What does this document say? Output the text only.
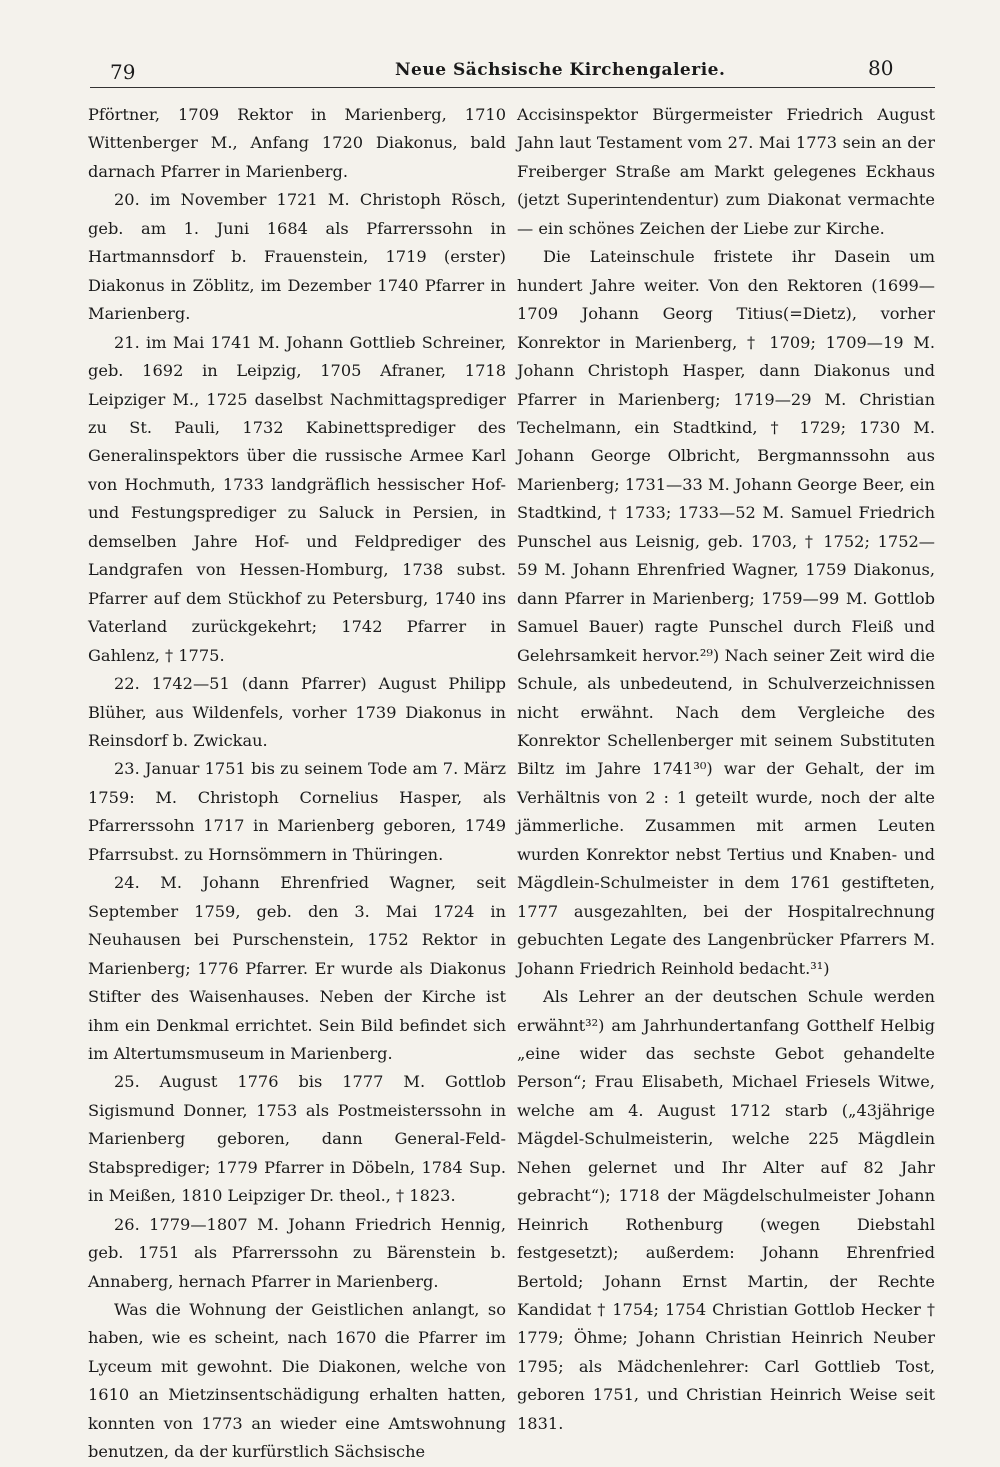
79	Neue Sächsische Kirchengalerie.	80

Pförtner, 1709 Rektor in Marienberg, 1710 Wittenberger M., Anfang 1720 Diakonus, bald darnach Pfarrer in Marienberg.

20. im November 1721 M. Christoph Rösch, geb. am 1. Juni 1684 als Pfarrerssohn in Hartmannsdorf b. Frauenstein, 1719 (erster) Diakonus in Zöblitz, im Dezember 1740 Pfarrer in Marienberg.

21. im Mai 1741 M. Johann Gottlieb Schreiner, geb. 1692 in Leipzig, 1705 Afraner, 1718 Leipziger M., 1725 daselbst Nachmittagsprediger zu St. Pauli, 1732 Kabinettsprediger des Generalinspektors über die russische Armee Karl von Hochmuth, 1733 landgräflich hessischer Hof- und Festungsprediger zu Saluck in Persien, in demselben Jahre Hof- und Feldprediger des Landgrafen von Hessen-Homburg, 1738 subst. Pfarrer auf dem Stückhof zu Petersburg, 1740 ins Vaterland zurückgekehrt; 1742 Pfarrer in Gahlenz, † 1775.

22. 1742—51 (dann Pfarrer) August Philipp Blüher, aus Wildenfels, vorher 1739 Diakonus in Reinsdorf b. Zwickau.

23. Januar 1751 bis zu seinem Tode am 7. März 1759: M. Christoph Cornelius Hasper, als Pfarrerssohn 1717 in Marienberg geboren, 1749 Pfarrsubst. zu Hornsömmern in Thüringen.

24. M. Johann Ehrenfried Wagner, seit September 1759, geb. den 3. Mai 1724 in Neuhausen bei Purschenstein, 1752 Rektor in Marienberg; 1776 Pfarrer. Er wurde als Diakonus Stifter des Waisenhauses. Neben der Kirche ist ihm ein Denkmal errichtet. Sein Bild befindet sich im Altertumsmuseum in Marienberg.

25. August 1776 bis 1777 M. Gottlob Sigismund Donner, 1753 als Postmeisterssohn in Marienberg geboren, dann General-Feld-Stabsprediger; 1779 Pfarrer in Döbeln, 1784 Sup. in Meißen, 1810 Leipziger Dr. theol., † 1823.

26. 1779—1807 M. Johann Friedrich Hennig, geb. 1751 als Pfarrerssohn zu Bärenstein b. Annaberg, hernach Pfarrer in Marienberg.

Was die Wohnung der Geistlichen anlangt, so haben, wie es scheint, nach 1670 die Pfarrer im Lyceum mit gewohnt. Die Diakonen, welche von 1610 an Mietzinsentschädigung erhalten hatten, konnten von 1773 an wieder eine Amtswohnung benutzen, da der kurfürstlich Sächsische

Accisinspektor Bürgermeister Friedrich August Jahn laut Testament vom 27. Mai 1773 sein an der Freiberger Straße am Markt gelegenes Eckhaus (jetzt Superintendentur) zum Diakonat vermachte — ein schönes Zeichen der Liebe zur Kirche.

Die Lateinschule fristete ihr Dasein um hundert Jahre weiter. Von den Rektoren (1699—1709 Johann Georg Titius(=Dietz), vorher Konrektor in Marienberg, † 1709; 1709—19 M. Johann Christoph Hasper, dann Diakonus und Pfarrer in Marienberg; 1719—29 M. Christian Techelmann, ein Stadtkind, † 1729; 1730 M. Johann George Olbricht, Bergmannssohn aus Marienberg; 1731—33 M. Johann George Beer, ein Stadtkind, † 1733; 1733—52 M. Samuel Friedrich Punschel aus Leisnig, geb. 1703, † 1752; 1752—59 M. Johann Ehrenfried Wagner, 1759 Diakonus, dann Pfarrer in Marienberg; 1759—99 M. Gottlob Samuel Bauer) ragte Punschel durch Fleiß und Gelehrsamkeit hervor.²⁹) Nach seiner Zeit wird die Schule, als unbedeutend, in Schulverzeichnissen nicht erwähnt. Nach dem Vergleiche des Konrektor Schellenberger mit seinem Substituten Biltz im Jahre 1741³⁰) war der Gehalt, der im Verhältnis von 2 : 1 geteilt wurde, noch der alte jämmerliche. Zusammen mit armen Leuten wurden Konrektor nebst Tertius und Knaben- und Mägdlein-Schulmeister in dem 1761 gestifteten, 1777 ausgezahlten, bei der Hospitalrechnung gebuchten Legate des Langenbrücker Pfarrers M. Johann Friedrich Reinhold bedacht.³¹)

Als Lehrer an der deutschen Schule werden erwähnt³²) am Jahrhundertanfang Gotthelf Helbig „eine wider das sechste Gebot gehandelte Person“; Frau Elisabeth, Michael Friesels Witwe, welche am 4. August 1712 starb („43jährige Mägdel-Schulmeisterin, welche 225 Mägdlein Nehen gelernet und Ihr Alter auf 82 Jahr gebracht“); 1718 der Mägdelschulmeister Johann Heinrich Rothenburg (wegen Diebstahl festgesetzt); außerdem: Johann Ehrenfried Bertold; Johann Ernst Martin, der Rechte Kandidat † 1754; 1754 Christian Gottlob Hecker † 1779; Öhme; Johann Christian Heinrich Neuber 1795; als Mädchenlehrer: Carl Gottlieb Tost, geboren 1751, und Christian Heinrich Weise seit 1831.
